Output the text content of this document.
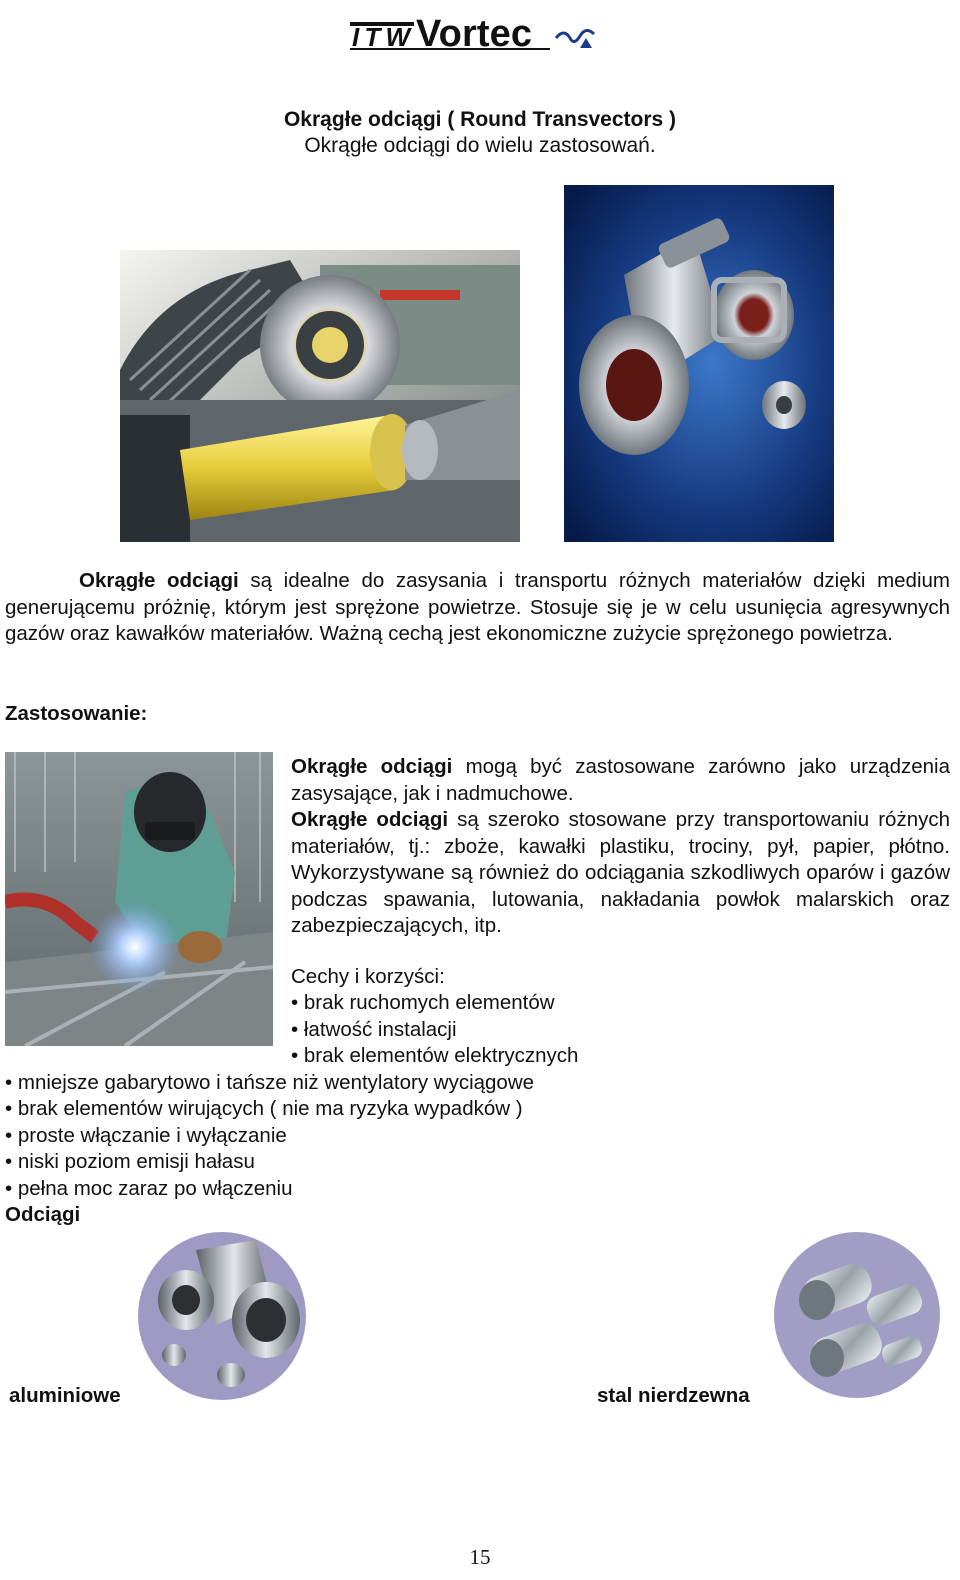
ITW Vortec
Okrągłe odciągi ( Round Transvectors )
Okrągłe odciągi do wielu zastosowań.
Okrągłe odciągi są idealne do zasysania i transportu różnych materiałów dzięki medium generującemu próżnię, którym jest sprężone powietrze. Stosuje się je w celu usunięcia agresywnych gazów oraz kawałków materiałów. Ważną cechą jest ekonomiczne zużycie sprężonego powietrza.
Zastosowanie:
Okrągłe odciągi mogą być zastosowane zarówno jako urządzenia zasysające, jak i nadmuchowe.
Okrągłe odciągi są szeroko stosowane przy transportowaniu różnych materiałów, tj.: zboże, kawałki plastiku, trociny, pył, papier, płótno. Wykorzystywane są również do odciągania szkodliwych oparów i gazów podczas spawania, lutowania, nakładania powłok malarskich oraz zabezpieczających, itp.
Cechy i korzyści:
• brak ruchomych elementów
• łatwość instalacji
• brak elementów elektrycznych
• mniejsze gabarytowo i tańsze niż wentylatory wyciągowe
• brak elementów wirujących ( nie ma ryzyka wypadków )
• proste włączanie i wyłączanie
• niski poziom emisji hałasu
• pełna moc zaraz po włączeniu
Odciągi
aluminiowe	stal nierdzewna
15
